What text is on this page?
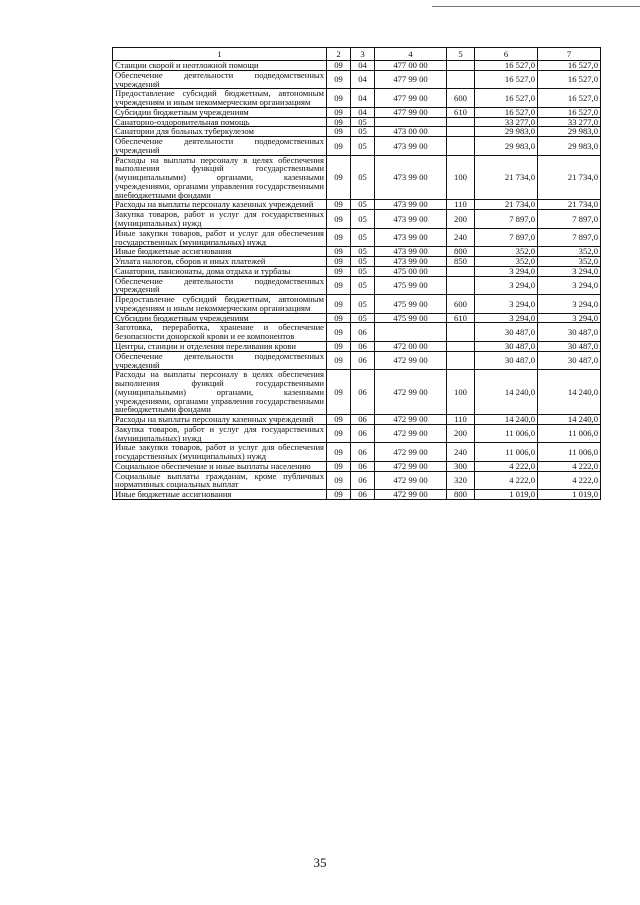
1	2	3	4	5	6	7
Станции скорой и неотложной помощи	09	04	477 00 00		16 527,0	16 527,0
Обеспечение деятельности подведомственных учреждений	09	04	477 99 00		16 527,0	16 527,0
Предоставление субсидий бюджетным, автономным учреждениям и иным некоммерческим организациям	09	04	477 99 00	600	16 527,0	16 527,0
Субсидии бюджетным учреждениям	09	04	477 99 00	610	16 527,0	16 527,0
Санаторно-оздоровительная помощь	09	05			33 277,0	33 277,0
Санатории для больных туберкулезом	09	05	473 00 00		29 983,0	29 983,0
Обеспечение деятельности подведомственных учреждений	09	05	473 99 00		29 983,0	29 983,0
Расходы на выплаты персоналу в целях обеспечения выполнения функций государственными (муниципальными) органами, казенными учреждениями, органами управления государственными внебюджетными фондами	09	05	473 99 00	100	21 734,0	21 734,0
Расходы на выплаты персоналу казенных учреждений	09	05	473 99 00	110	21 734,0	21 734,0
Закупка товаров, работ и услуг для государственных (муниципальных) нужд	09	05	473 99 00	200	7 897,0	7 897,0
Иные закупки товаров, работ и услуг для обеспечения государственных (муниципальных) нужд	09	05	473 99 00	240	7 897,0	7 897,0
Иные бюджетные ассигнования	09	05	473 99 00	800	352,0	352,0
Уплата налогов, сборов и иных платежей	09	05	473 99 00	850	352,0	352,0
Санатории, пансионаты, дома отдыха и турбазы	09	05	475 00 00		3 294,0	3 294,0
Обеспечение деятельности подведомственных учреждений	09	05	475 99 00		3 294,0	3 294,0
Предоставление субсидий бюджетным, автономным учреждениям и иным некоммерческим организациям	09	05	475 99 00	600	3 294,0	3 294,0
Субсидии бюджетным учреждениям	09	05	475 99 00	610	3 294,0	3 294,0
Заготовка, переработка, хранение и обеспечение безопасности донорской крови и ее компонентов	09	06			30 487,0	30 487,0
Центры, станции и отделения переливания крови	09	06	472 00 00		30 487,0	30 487,0
Обеспечение деятельности подведомственных учреждений	09	06	472 99 00		30 487,0	30 487,0
Расходы на выплаты персоналу в целях обеспечения выполнения функций государственными (муниципальными) органами, казенными учреждениями, органами управления государственными внебюджетными фондами	09	06	472 99 00	100	14 240,0	14 240,0
Расходы на выплаты персоналу казенных учреждений	09	06	472 99 00	110	14 240,0	14 240,0
Закупка товаров, работ и услуг для государственных (муниципальных) нужд	09	06	472 99 00	200	11 006,0	11 006,0
Иные закупки товаров, работ и услуг для обеспечения государственных (муниципальных) нужд	09	06	472 99 00	240	11 006,0	11 006,0
Социальное обеспечение и иные выплаты населению	09	06	472 99 00	300	4 222,0	4 222,0
Социальные выплаты гражданам, кроме публичных нормативных социальных выплат	09	06	472 99 00	320	4 222,0	4 222,0
Иные бюджетные ассигнования	09	06	472 99 00	800	1 019,0	1 019,0
35
